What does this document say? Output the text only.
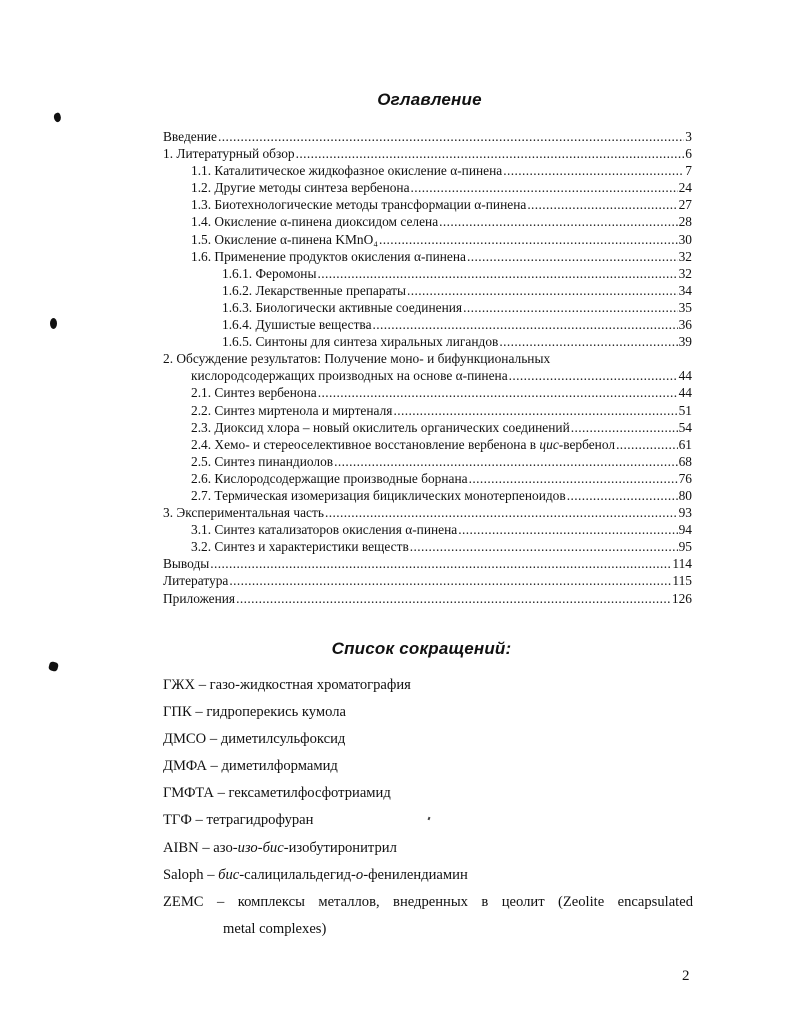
Оглавление
Введение .....	3
1. Литературный обзор .....	6
1.1. Каталитическое жидкофазное окисление α-пинена .....	7
1.2. Другие методы синтеза вербенона .....	24
1.3. Биотехнологические методы трансформации α-пинена .....	27
1.4. Окисление α-пинена диоксидом селена .....	28
1.5. Окисление α-пинена KMnO₄ .....	30
1.6. Применение продуктов окисления α-пинена .....	32
1.6.1. Феромоны .....	32
1.6.2. Лекарственные препараты .....	34
1.6.3. Биологически активные соединения .....	35
1.6.4. Душистые вещества .....	36
1.6.5. Синтоны для синтеза хиральных лигандов .....	39
2. Обсуждение результатов: Получение моно- и бифункциональных
кислородсодержащих производных на основе α-пинена .....	44
2.1. Синтез вербенона .....	44
2.2. Синтез миртенола и миртеналя .....	51
2.3. Диоксид хлора – новый окислитель органических соединений .....	54
2.4. Хемо- и стереоселективное восстановление вербенона в цис-вербенол .....	61
2.5. Синтез пинандиолов .....	68
2.6. Кислородсодержащие производные борнана .....	76
2.7. Термическая изомеризация бициклических монотерпеноидов .....	80
3. Экспериментальная часть .....	93
3.1. Синтез катализаторов окисления α-пинена .....	94
3.2. Синтез и характеристики веществ .....	95
Выводы .....	114
Литература .....	115
Приложения .....	126
Список сокращений:
ГЖХ – газо-жидкостная хроматография
ГПК – гидроперекись кумола
ДМСО – диметилсульфоксид
ДМФА – диметилформамид
ГМФТА – гексаметилфосфотриамид
ТГФ – тетрагидрофуран
AIBN – азо-изо-бис-изобутиронитрил
Saloph – бис-салицилальдегид-о-фенилендиамин
ZEMC – комплексы металлов, внедренных в цеолит (Zeolite encapsulated
metal complexes)
2
